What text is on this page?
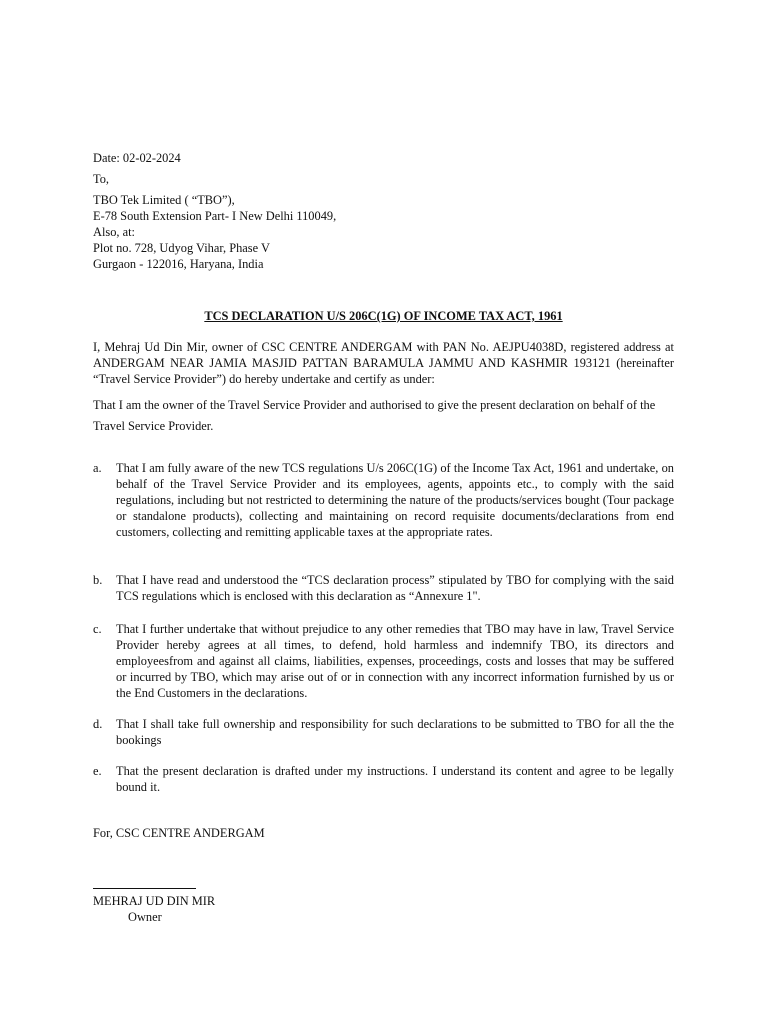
Date: 02-02-2024
To,
TBO Tek Limited ( “TBO”),
E-78 South Extension Part- I New Delhi 110049,
Also, at:
Plot no. 728, Udyog Vihar, Phase V
Gurgaon - 122016, Haryana, India
TCS DECLARATION U/S 206C(1G) OF INCOME TAX ACT, 1961
I, Mehraj Ud Din Mir, owner of CSC CENTRE ANDERGAM with PAN No. AEJPU4038D, registered address at ANDERGAM NEAR JAMIA MASJID PATTAN BARAMULA JAMMU AND KASHMIR 193121 (hereinafter “Travel Service Provider”) do hereby undertake and certify as under:
That I am the owner of the Travel Service Provider and authorised to give the present declaration on behalf of the Travel Service Provider.
a. That I am fully aware of the new TCS regulations U/s 206C(1G) of the Income Tax Act, 1961 and undertake, on behalf of the Travel Service Provider and its employees, agents, appoints etc., to comply with the said regulations, including but not restricted to determining the nature of the products/services bought (Tour package or standalone products), collecting and maintaining on record requisite documents/declarations from end customers, collecting and remitting applicable taxes at the appropriate rates.
b. That I have read and understood the “TCS declaration process” stipulated by TBO for complying with the said TCS regulations which is enclosed with this declaration as “Annexure 1".
c. That I further undertake that without prejudice to any other remedies that TBO may have in law, Travel Service Provider hereby agrees at all times, to defend, hold harmless and indemnify TBO, its directors and employeesfrom and against all claims, liabilities, expenses, proceedings, costs and losses that may be suffered or incurred by TBO, which may arise out of or in connection with any incorrect information furnished by us or the End Customers in the declarations.
d. That I shall take full ownership and responsibility for such declarations to be submitted to TBO for all the the bookings
e. That the present declaration is drafted under my instructions. I understand its content and agree to be legally bound it.
For, CSC CENTRE ANDERGAM
MEHRAJ UD DIN MIR
Owner
